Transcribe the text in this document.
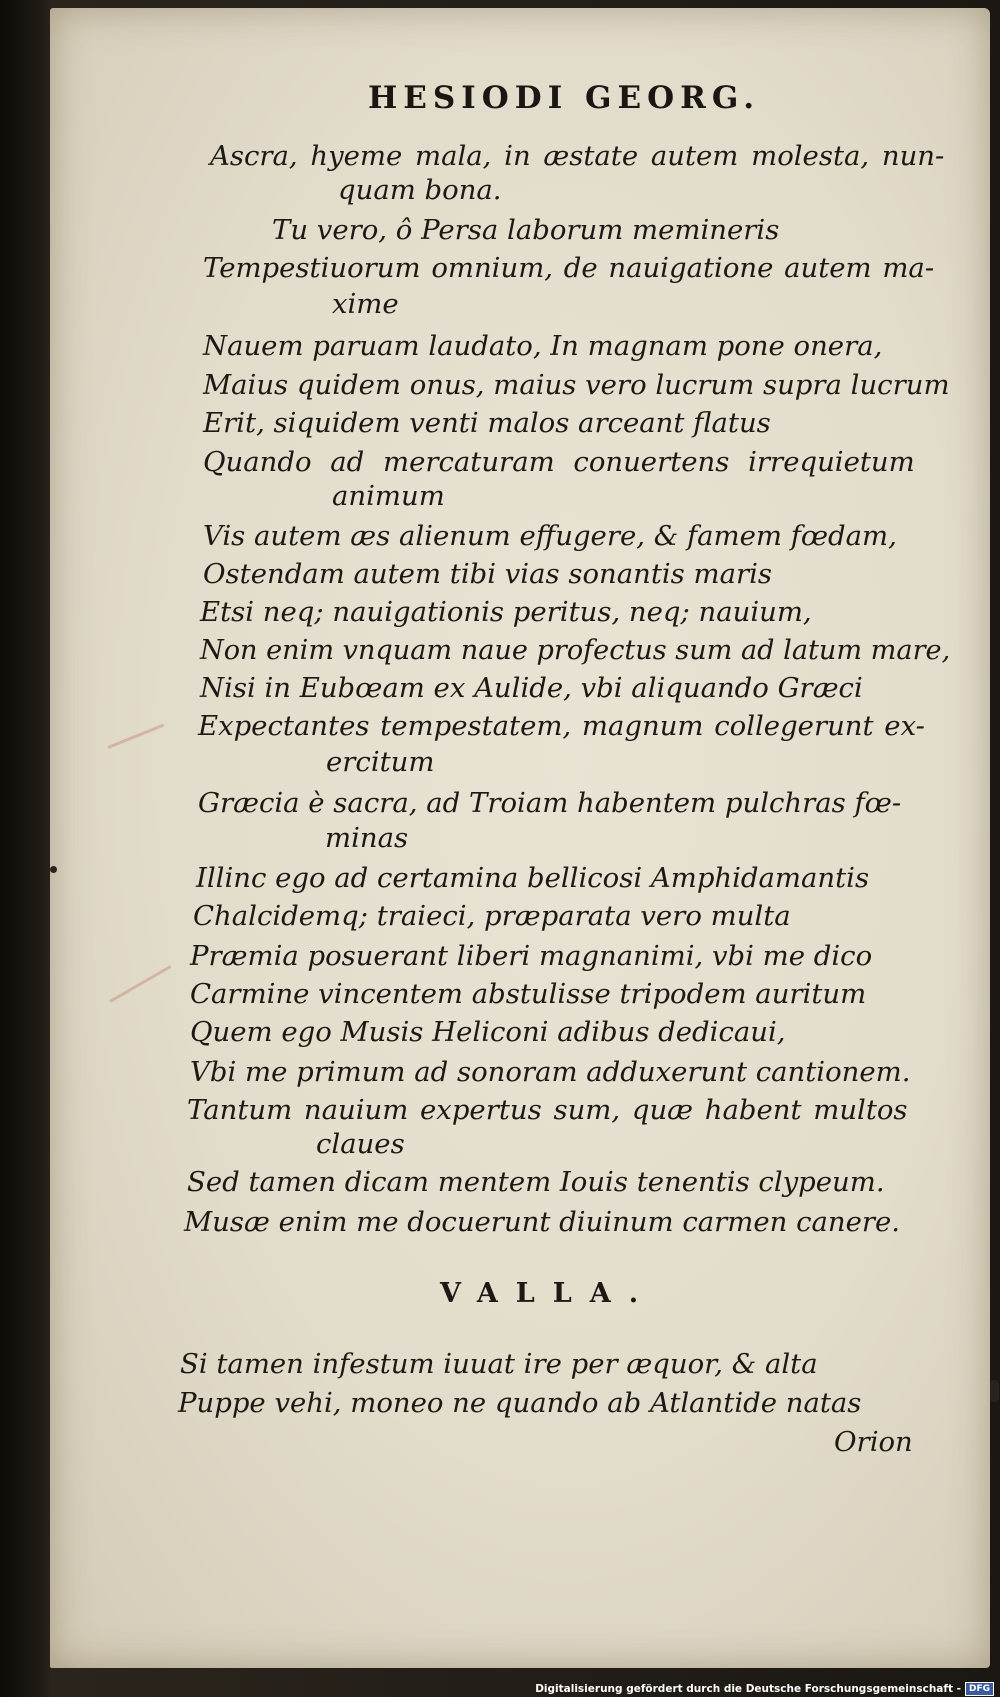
HESIODI GEORG.
Ascra, hyeme mala, in æstate autem molesta, nun-
quam bona.
Tu vero, ô Persa laborum memineris
Tempestiuorum omnium, de nauigatione autem ma-
xime
Nauem paruam laudato, In magnam pone onera,
Maius quidem onus, maius vero lucrum supra lucrum
Erit, siquidem venti malos arceant flatus
Quando ad mercaturam conuertens irrequietum
animum
Vis autem æs alienum effugere, & famem fœdam,
Ostendam autem tibi vias sonantis maris
Etsi neq; nauigationis peritus, neq; nauium,
Non enim vnquam naue profectus sum ad latum mare,
Nisi in Eubœam ex Aulide, vbi aliquando Græci
Expectantes tempestatem, magnum collegerunt ex-
ercitum
Græcia è sacra, ad Troiam habentem pulchras fœ-
minas
Illinc ego ad certamina bellicosi Amphidamantis
Chalcidemq; traieci, præparata vero multa
Præmia posuerant liberi magnanimi, vbi me dico
Carmine vincentem abstulisse tripodem auritum
Quem ego Musis Heliconi adibus dedicaui,
Vbi me primum ad sonoram adduxerunt cantionem.
Tantum nauium expertus sum, quæ habent multos
claues
Sed tamen dicam mentem Iouis tenentis clypeum.
Musæ enim me docuerunt diuinum carmen canere.
VALLA.
Si tamen infestum iuuat ire per æquor, & alta
Puppe vehi, moneo ne quando ab Atlantide natas
Orion
Digitalisierung gefördert durch die Deutsche Forschungsgemeinschaft - DFG
